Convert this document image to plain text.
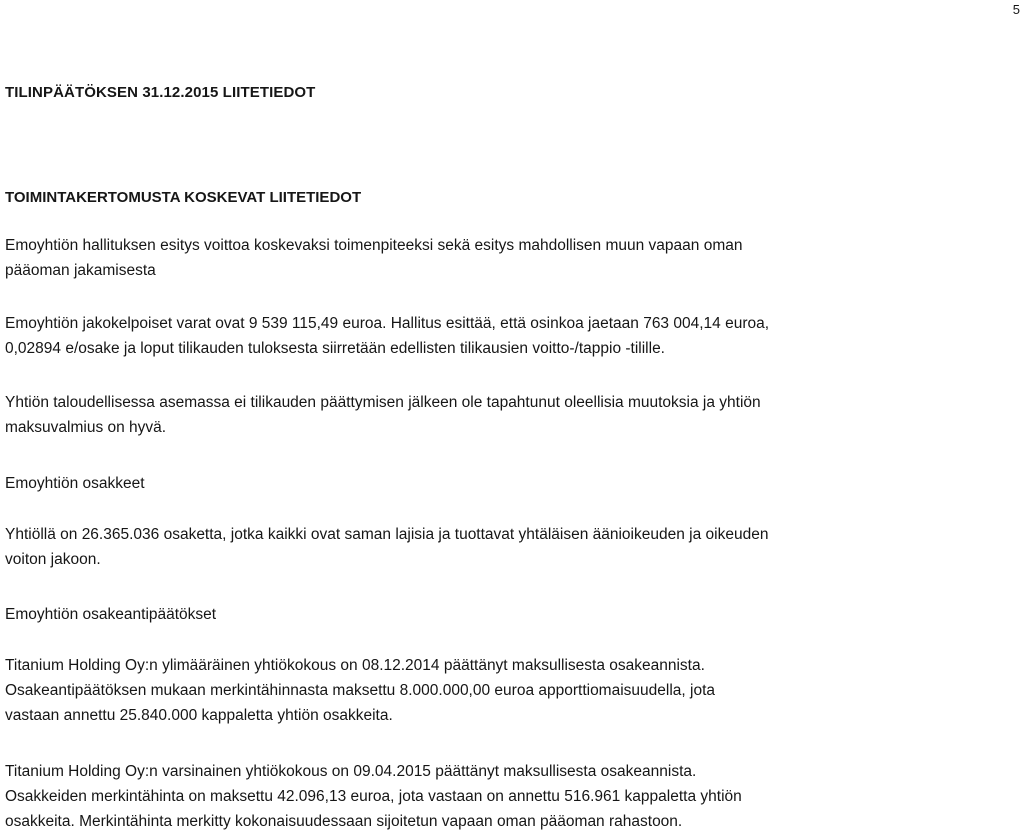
5
TILINPÄÄTÖKSEN 31.12.2015 LIITETIEDOT
TOIMINTAKERTOMUSTA KOSKEVAT LIITETIEDOT
Emoyhtiön hallituksen esitys voittoa koskevaksi toimenpiteeksi sekä esitys mahdollisen muun vapaan oman
pääoman jakamisesta
Emoyhtiön jakokelpoiset varat ovat 9 539 115,49 euroa. Hallitus esittää, että osinkoa jaetaan 763 004,14 euroa,
0,02894 e/osake ja loput tilikauden tuloksesta siirretään edellisten tilikausien voitto-/tappio -tilille.
Yhtiön taloudellisessa asemassa ei tilikauden päättymisen jälkeen ole tapahtunut oleellisia muutoksia ja yhtiön
maksuvalmius on hyvä.
Emoyhtiön osakkeet
Yhtiöllä on 26.365.036 osaketta, jotka kaikki ovat saman lajisia ja tuottavat yhtäläisen äänioikeuden ja oikeuden
voiton jakoon.
Emoyhtiön osakeantipäätökset
Titanium Holding Oy:n ylimääräinen yhtiökokous on 08.12.2014 päättänyt maksullisesta osakeannista.
Osakeantipäätöksen mukaan merkintähinnasta maksettu 8.000.000,00 euroa apporttiomaisuudella, jota
vastaan annettu 25.840.000 kappaletta yhtiön osakkeita.
Titanium Holding Oy:n varsinainen yhtiökokous on 09.04.2015 päättänyt maksullisesta osakeannista.
Osakkeiden merkintähinta on maksettu 42.096,13 euroa, jota vastaan on annettu 516.961 kappaletta yhtiön
osakkeita. Merkintähinta merkitty kokonaisuudessaan sijoitetun vapaan oman pääoman rahastoon.
